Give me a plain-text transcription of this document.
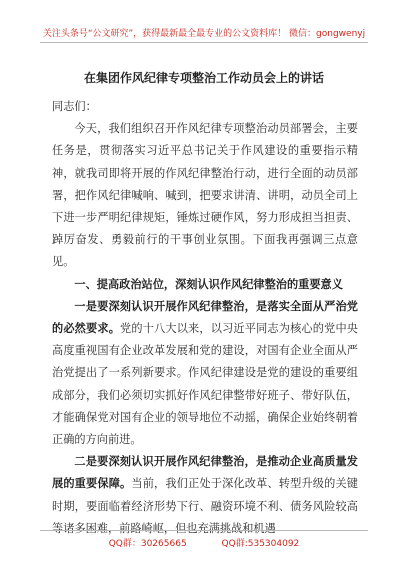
关注头条号“公文研究”，获得最新最全最专业的公文资料库！ 微信：gongwenyj
在集团作风纪律专项整治工作动员会上的讲话

同志们：

今天，我们组织召开作风纪律专项整治动员部署会，主要任务是，贯彻落实习近平总书记关于作风建设的重要指示精神，就我司即将开展的作风纪律整治行动，进行全面的动员部署，把作风纪律喊响、喊到，把要求讲清、讲明，动员全司上下进一步严明纪律规矩，锤炼过硬作风，努力形成担当担责、踔厉奋发、勇毅前行的干事创业氛围。下面我再强调三点意见。

一、提高政治站位，深刻认识作风纪律整治的重要意义

一是要深刻认识开展作风纪律整治，是落实全面从严治党的必然要求。党的十八大以来，以习近平同志为核心的党中央高度重视国有企业改革发展和党的建设，对国有企业全面从严治党提出了一系列新要求。作风纪律建设是党的建设的重要组成部分，我们必须切实抓好作风纪律整带好班子、带好队伍，才能确保党对国有企业的领导地位不动摇，确保企业始终朝着正确的方向前进。

二是要深刻认识开展作风纪律整治，是推动企业高质量发展的重要保障。当前，我们正处于深化改革、转型升级的关键时期，要面临着经济形势下行、融资环境不利、债务风险较高等诸多困难，前路崎岖，但也充满挑战和机遇

QQ群：30265665	QQ群:535304092
